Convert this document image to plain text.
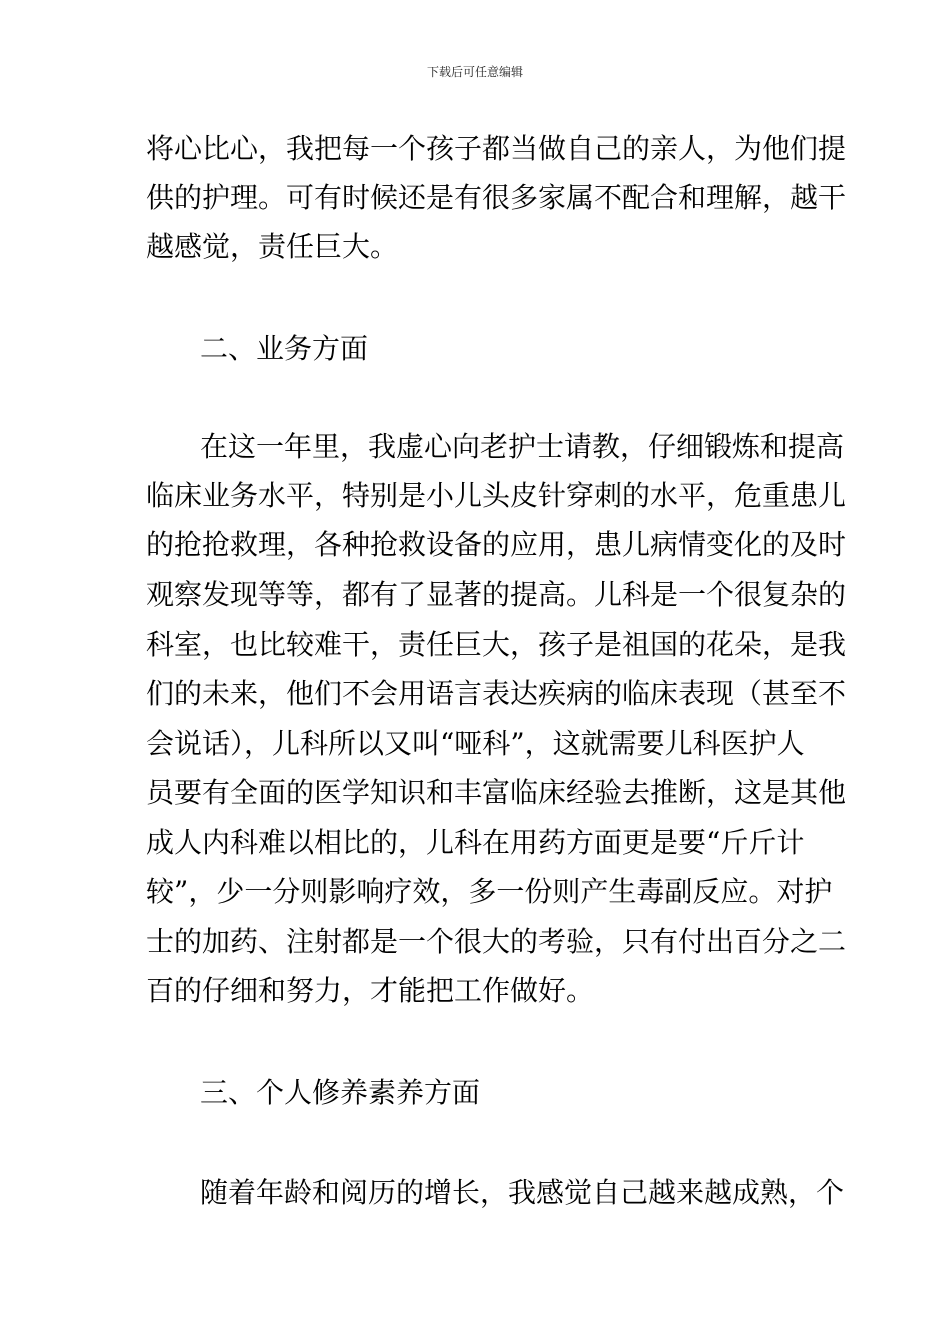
下载后可任意编辑
将心比心，我把每一个孩子都当做自己的亲人，为他们提
供的护理。可有时候还是有很多家属不配合和理解，越干
越感觉，责任巨大。
二、业务方面
在这一年里，我虚心向老护士请教，仔细锻炼和提高
临床业务水平，特别是小儿头皮针穿刺的水平，危重患儿
的抢抢救理，各种抢救设备的应用，患儿病情变化的及时
观察发现等等，都有了显著的提高。儿科是一个很复杂的
科室，也比较难干，责任巨大，孩子是祖国的花朵，是我
们的未来，他们不会用语言表达疾病的临床表现（甚至不
会说话），儿科所以又叫“哑科”，这就需要儿科医护人
员要有全面的医学知识和丰富临床经验去推断，这是其他
成人内科难以相比的，儿科在用药方面更是要“斤斤计
较”，少一分则影响疗效，多一份则产生毒副反应。对护
士的加药、注射都是一个很大的考验，只有付出百分之二
百的仔细和努力，才能把工作做好。
三、个人修养素养方面
随着年龄和阅历的增长，我感觉自己越来越成熟，个
